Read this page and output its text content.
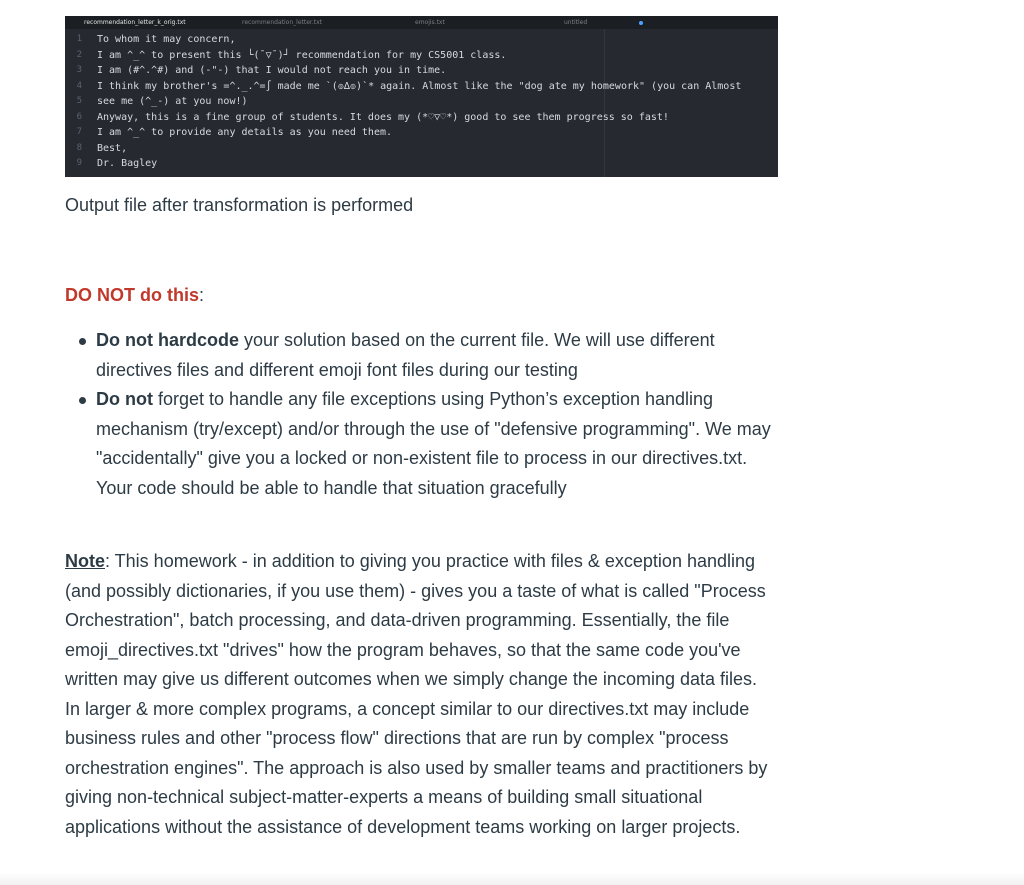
recommendation_letter_k_orig.txt	recommendation_letter.txt	emojis.txt	untitled
1 To whom it may concern,
2 I am ^_^ to present this └(¯▽¯)┘ recommendation for my CS5001 class.
3 I am (#^.^#) and (-"-) that I would not reach you in time.
4 I think my brother's =^._.^=∫ made me `(๏∆๏)`* again. Almost like the "dog ate my homework" (you can Almost
5 see me (^_-) at you now!)
6 Anyway, this is a fine group of students. It does my (*♡▽♡*) good to see them progress so fast!
7 I am ^_^ to provide any details as you need them.
8 Best,
9 Dr. Bagley
Output file after transformation is performed
DO NOT do this:
Do not hardcode your solution based on the current file. We will use different directives files and different emoji font files during our testing
Do not forget to handle any file exceptions using Python’s exception handling mechanism (try/except) and/or through the use of "defensive programming". We may "accidentally" give you a locked or non-existent file to process in our directives.txt. Your code should be able to handle that situation gracefully
Note: This homework - in addition to giving you practice with files & exception handling (and possibly dictionaries, if you use them) - gives you a taste of what is called "Process Orchestration", batch processing, and data-driven programming. Essentially, the file emoji_directives.txt "drives" how the program behaves, so that the same code you've written may give us different outcomes when we simply change the incoming data files. In larger & more complex programs, a concept similar to our directives.txt may include business rules and other "process flow" directions that are run by complex "process orchestration engines". The approach is also used by smaller teams and practitioners by giving non-technical subject-matter-experts a means of building small situational applications without the assistance of development teams working on larger projects.
